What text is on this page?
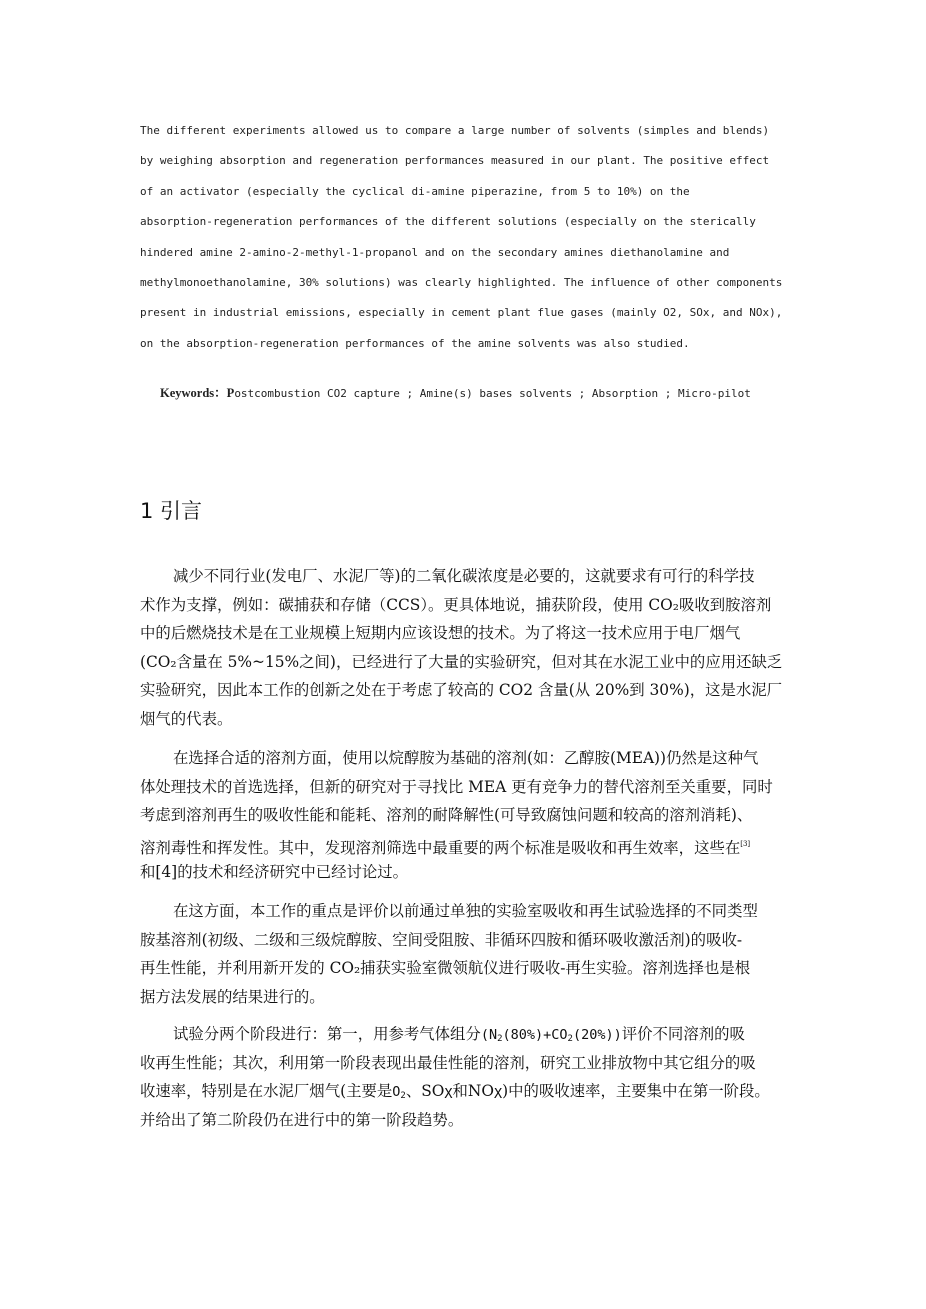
The different experiments allowed us to compare a large number of solvents (simples and blends)
by weighing absorption and regeneration performances measured in our plant. The positive effect
of an activator (especially the cyclical di-amine piperazine, from 5 to 10%) on the
absorption-regeneration performances of the different solutions (especially on the sterically
hindered amine 2-amino-2-methyl-1-propanol and on the secondary amines diethanolamine and
methylmonoethanolamine, 30% solutions) was clearly highlighted. The influence of other components
present in industrial emissions, especially in cement plant flue gases (mainly O2, SOx, and NOx),
on the absorption-regeneration performances of the amine solvents was also studied.
Keywords：Postcombustion CO2 capture ; Amine(s) bases solvents ; Absorption ; Micro-pilot
1 引言
减少不同行业(发电厂、水泥厂等)的二氧化碳浓度是必要的，这就要求有可行的科学技
术作为支撑，例如：碳捕获和存储（CCS）。更具体地说，捕获阶段，使用 CO₂吸收到胺溶剂
中的后燃烧技术是在工业规模上短期内应该设想的技术。为了将这一技术应用于电厂烟气
(CO₂含量在 5%~15%之间)，已经进行了大量的实验研究，但对其在水泥工业中的应用还缺乏
实验研究，因此本工作的创新之处在于考虑了较高的 CO2 含量(从 20%到 30%)，这是水泥厂
烟气的代表。
在选择合适的溶剂方面，使用以烷醇胺为基础的溶剂(如：乙醇胺(MEA))仍然是这种气
体处理技术的首选选择，但新的研究对于寻找比 MEA 更有竞争力的替代溶剂至关重要，同时
考虑到溶剂再生的吸收性能和能耗、溶剂的耐降解性(可导致腐蚀问题和较高的溶剂消耗)、
溶剂毒性和挥发性。其中，发现溶剂筛选中最重要的两个标准是吸收和再生效率，这些在[3]
和[4]的技术和经济研究中已经讨论过。
在这方面，本工作的重点是评价以前通过单独的实验室吸收和再生试验选择的不同类型
胺基溶剂(初级、二级和三级烷醇胺、空间受阻胺、非循环四胺和循环吸收激活剂)的吸收-
再生性能，并利用新开发的 CO₂捕获实验室微领航仪进行吸收-再生实验。溶剂选择也是根
据方法发展的结果进行的。
试验分两个阶段进行：第一，用参考气体组分$(N_2(80\%)+CO_2(20\%))$评价不同溶剂的吸
收再生性能；其次，利用第一阶段表现出最佳性能的溶剂，研究工业排放物中其它组分的吸
收速率，特别是在水泥厂烟气(主要是$O_2$、$SO_X$和$NO_X$)中的吸收速率，主要集中在第一阶段。
并给出了第二阶段仍在进行中的第一阶段趋势。
